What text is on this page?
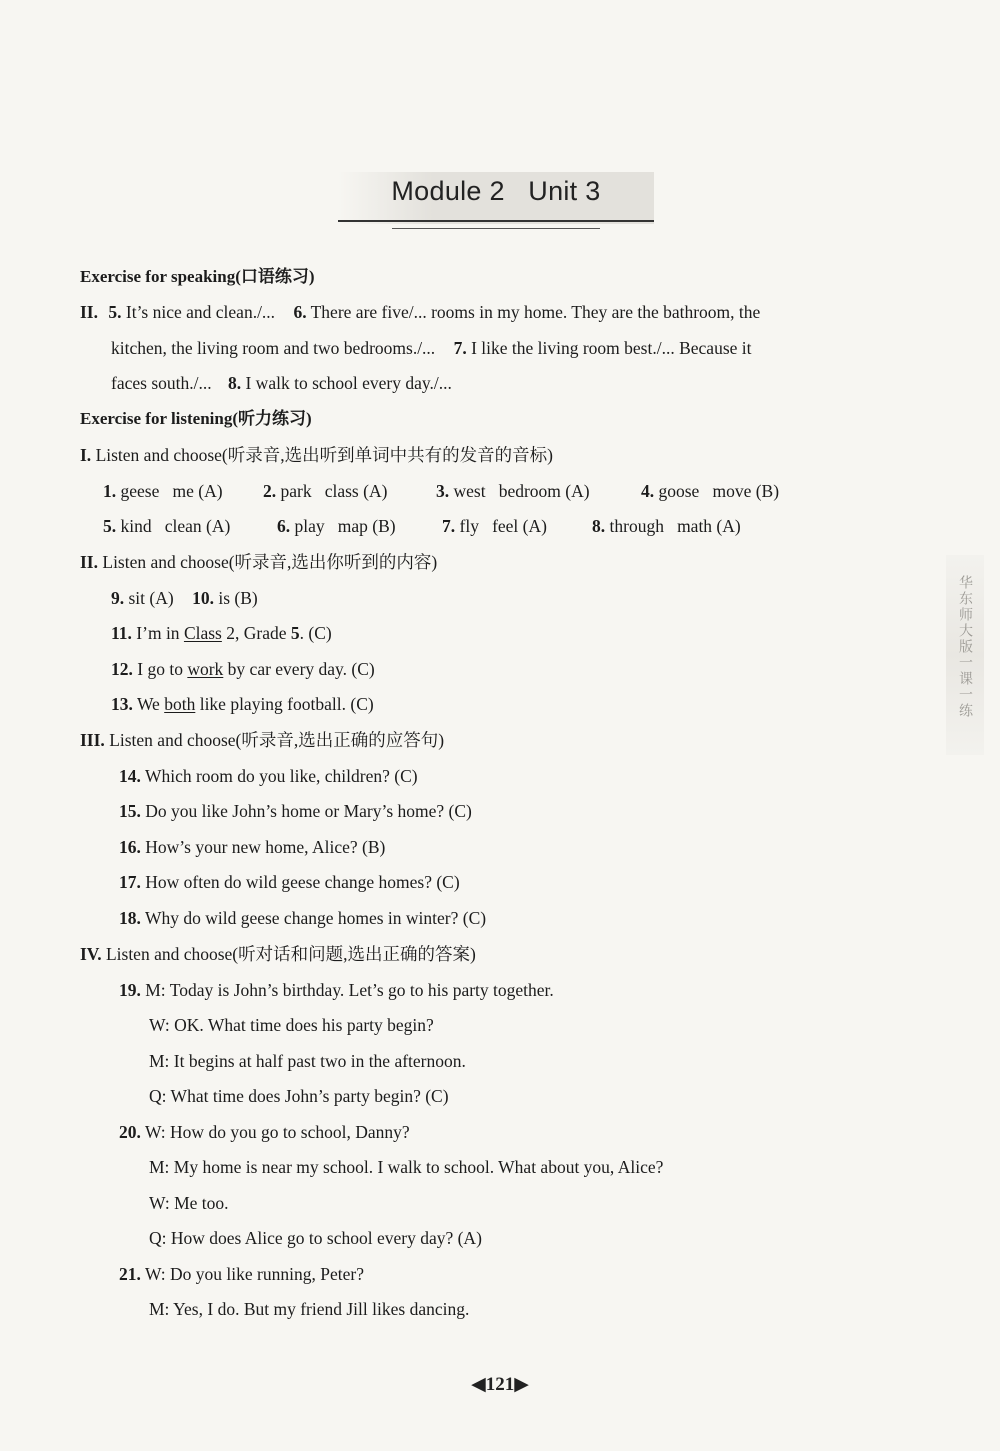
Module 2   Unit 3
Exercise for speaking(口语练习)
II. 5. It’s nice and clean./... 6. There are five/... rooms in my home. They are the bathroom, the
kitchen, the living room and two bedrooms./... 7. I like the living room best./... Because it
faces south./... 8. I walk to school every day./...
Exercise for listening(听力练习)
I. Listen and choose(听录音,选出听到单词中共有的发音的音标)
1. geese   me (A) 2. park   class (A)	3. west   bedroom (A)	4. goose   move (B)
5. kind   clean (A)	6. play   map (B)	7. fly   feel (A)	8. through   math (A)
II. Listen and choose(听录音,选出你听到的内容)
9. sit (A) 10. is (B)
11. I’m in Class 2, Grade 5. (C)
12. I go to work by car every day. (C)
13. We both like playing football. (C)
III. Listen and choose(听录音,选出正确的应答句)
14. Which room do you like, children? (C)
15. Do you like John’s home or Mary’s home? (C)
16. How’s your new home, Alice? (B)
17. How often do wild geese change homes? (C)
18. Why do wild geese change homes in winter? (C)
IV. Listen and choose(听对话和问题,选出正确的答案)
19. M: Today is John’s birthday. Let’s go to his party together.
W: OK. What time does his party begin?
M: It begins at half past two in the afternoon.
Q: What time does John’s party begin? (C)
20. W: How do you go to school, Danny?
M: My home is near my school. I walk to school. What about you, Alice?
W: Me too.
Q: How does Alice go to school every day? (A)
21. W: Do you like running, Peter?
M: Yes, I do. But my friend Jill likes dancing.
华东师大版一课一练
◀121▶
